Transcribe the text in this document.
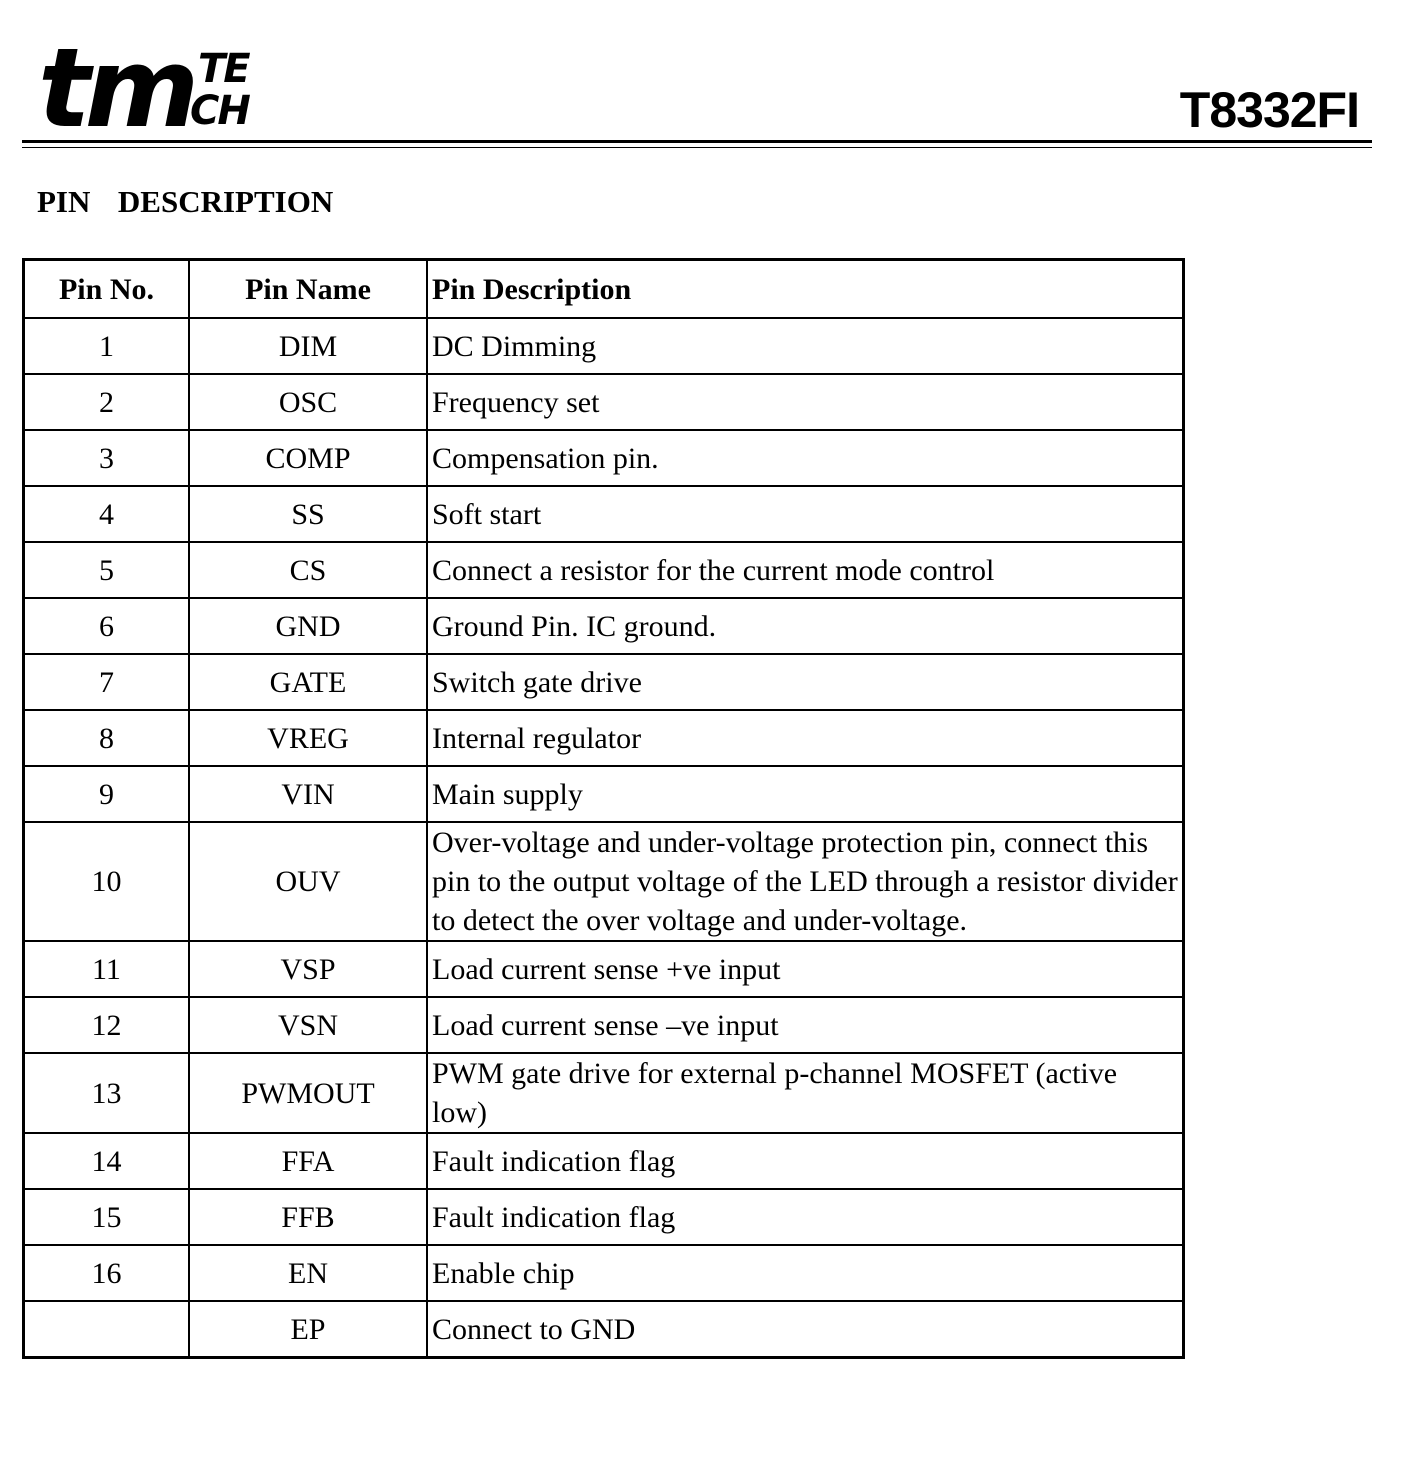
tm TE
CH	T8332FI
PIN  DESCRIPTION
Pin No.	Pin Name	Pin Description
1	DIM	DC Dimming
2	OSC	Frequency set
3	COMP	Compensation pin.
4	SS	Soft start
5	CS	Connect a resistor for the current mode control
6	GND	Ground Pin. IC ground.
7	GATE	Switch gate drive
8	VREG	Internal regulator
9	VIN	Main supply
10	OUV	Over-voltage and under-voltage protection pin, connect this pin to the output voltage of the LED through a resistor divider to detect the over voltage and under-voltage.
11	VSP	Load current sense +ve input
12	VSN	Load current sense –ve input
13	PWMOUT	PWM gate drive for external p-channel MOSFET (active low)
14	FFA	Fault indication flag
15	FFB	Fault indication flag
16	EN	Enable chip
	EP	Connect to GND
